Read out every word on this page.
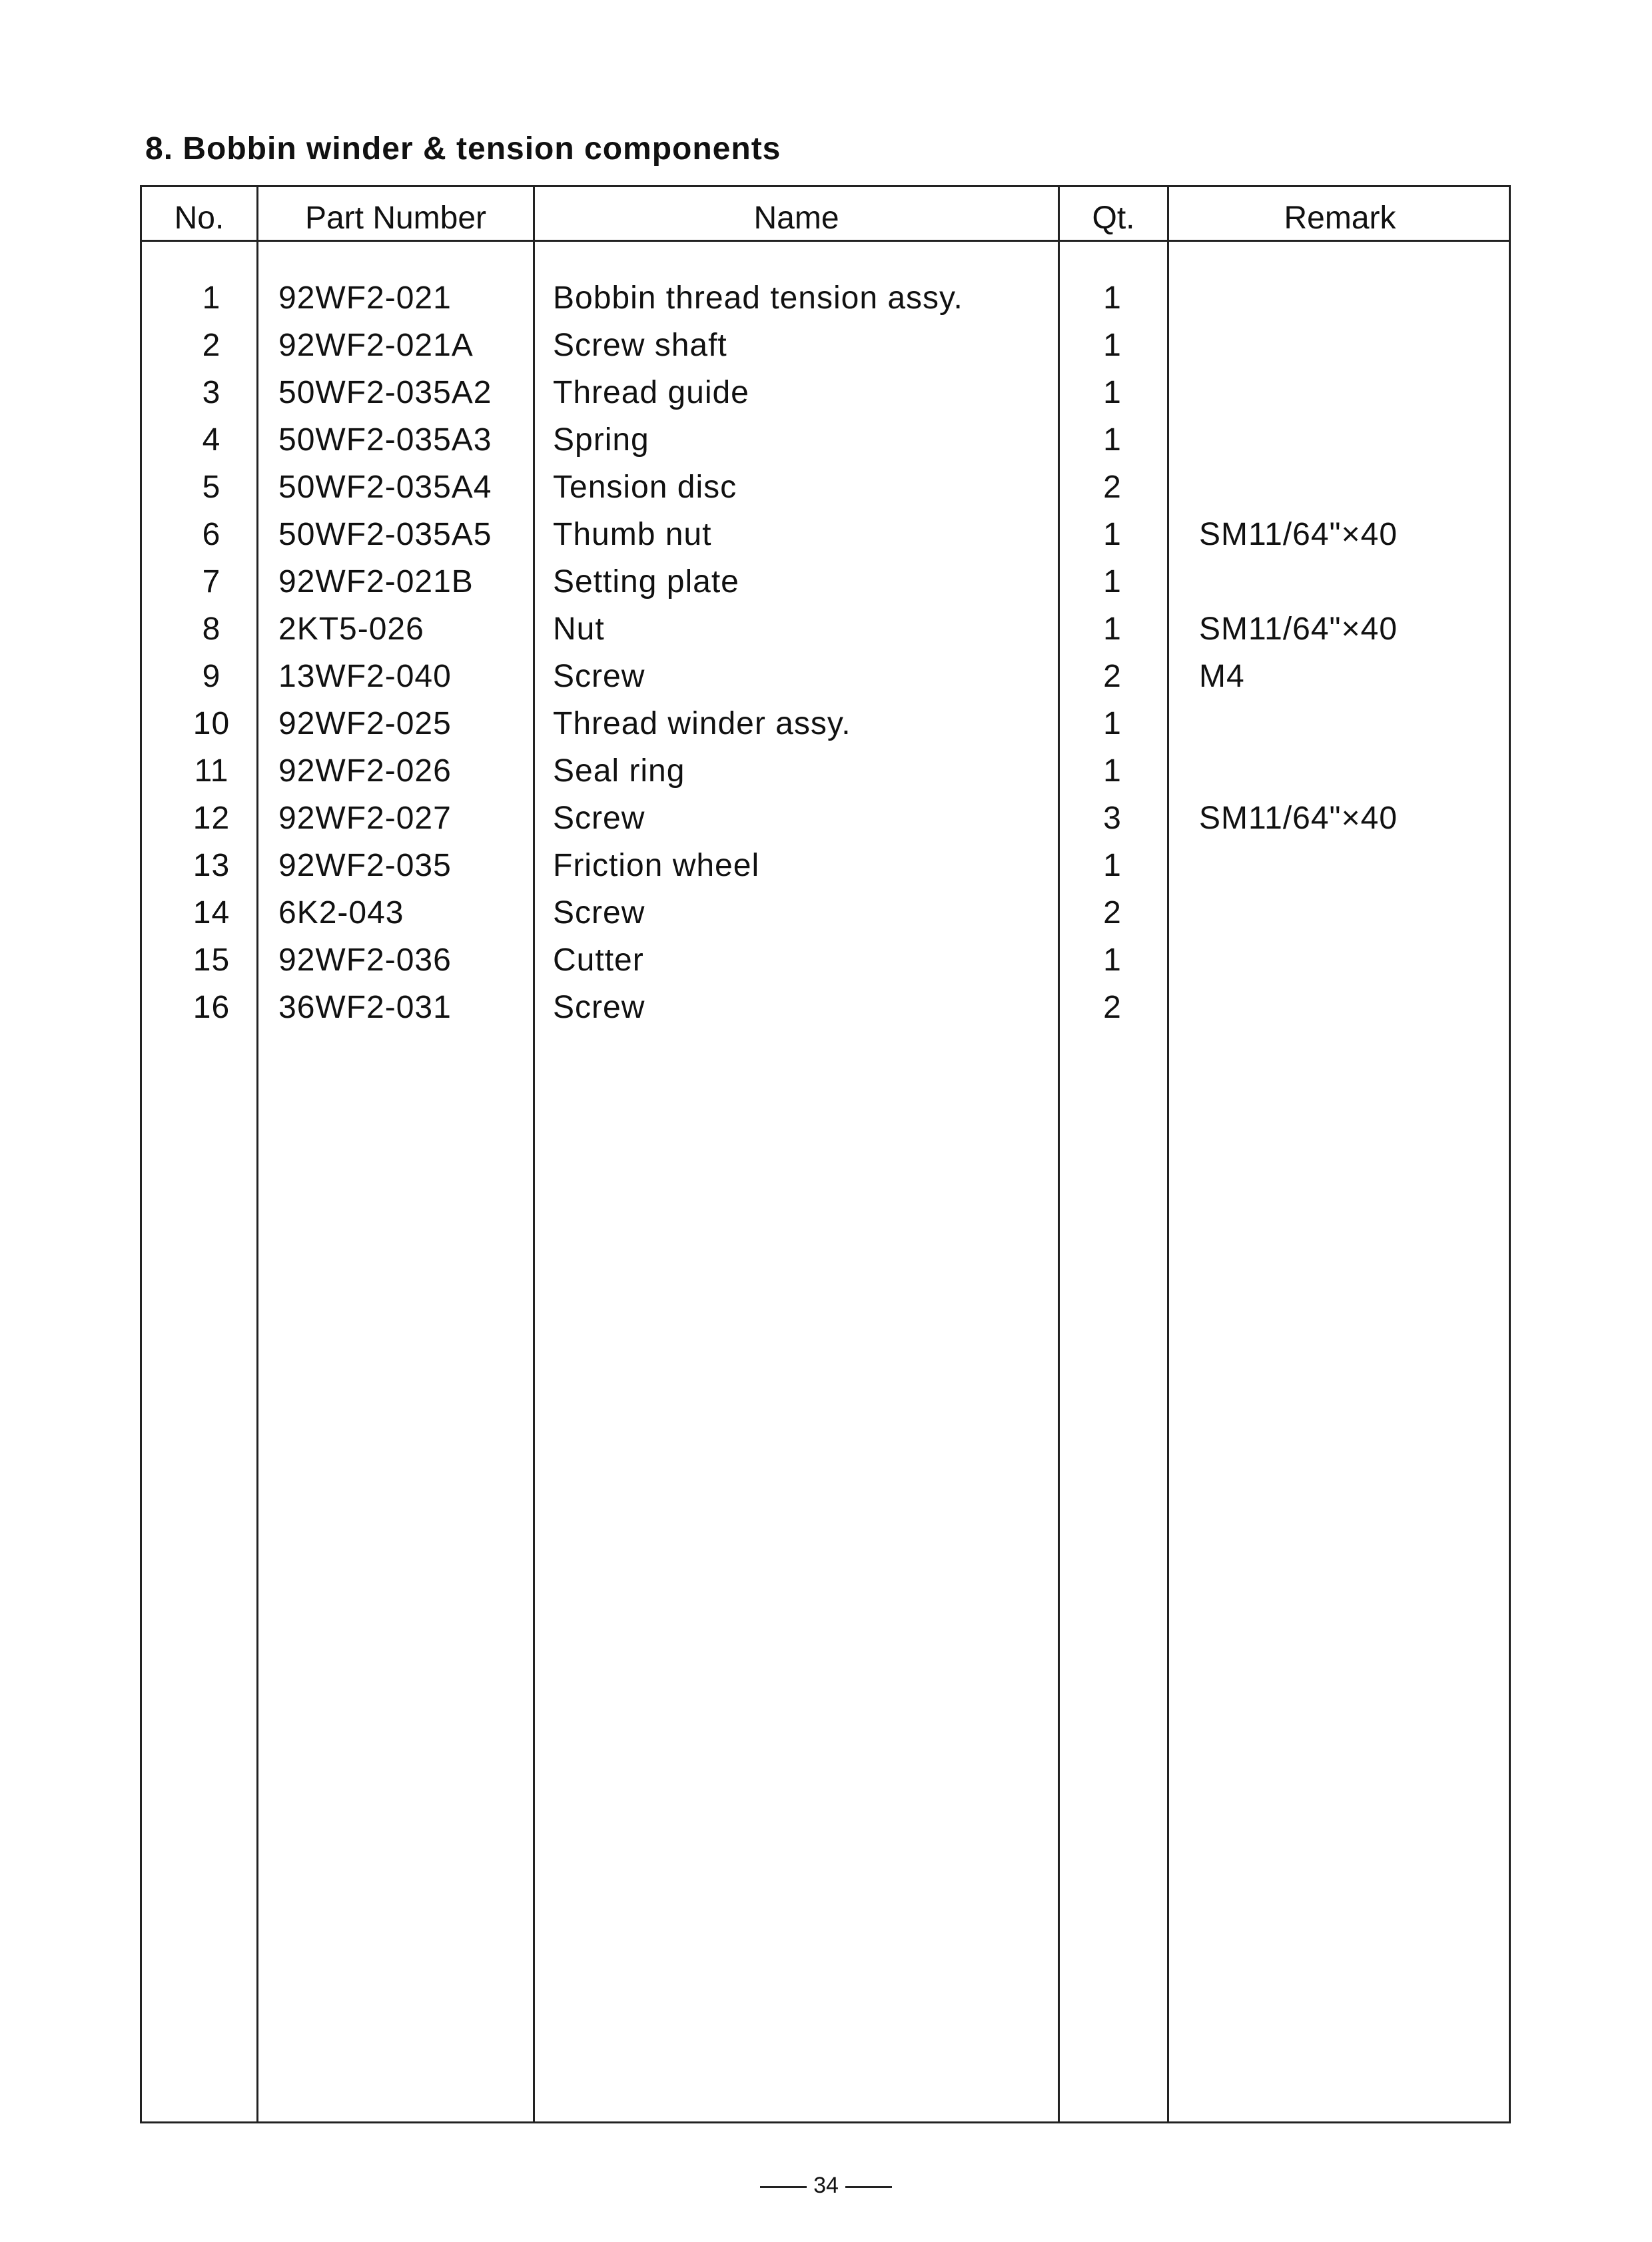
8. Bobbin winder & tension components
No.	Part Number	Name	Qt.	Remark
1	92WF2-021	Bobbin thread tension assy.	1
2	92WF2-021A Screw shaft	1
3	50WF2-035A2 Thread guide	1
4	50WF2-035A3 Spring	1
5	50WF2-035A4 Tension disc	2
6	50WF2-035A5 Thumb nut	1	SM11/64"×40
7	92WF2-021B Setting plate	1
8	2KT5-026	Nut	1	SM11/64"×40
9	13WF2-040	Screw	2	M4
10	92WF2-025	Thread winder assy.	1
11	92WF2-026	Seal ring	1
12	92WF2-027	Screw	3	SM11/64"×40
13	92WF2-035	Friction wheel	1
14	6K2-043	Screw	2
15	92WF2-036	Cutter	1
16	36WF2-031	Screw	2
34
